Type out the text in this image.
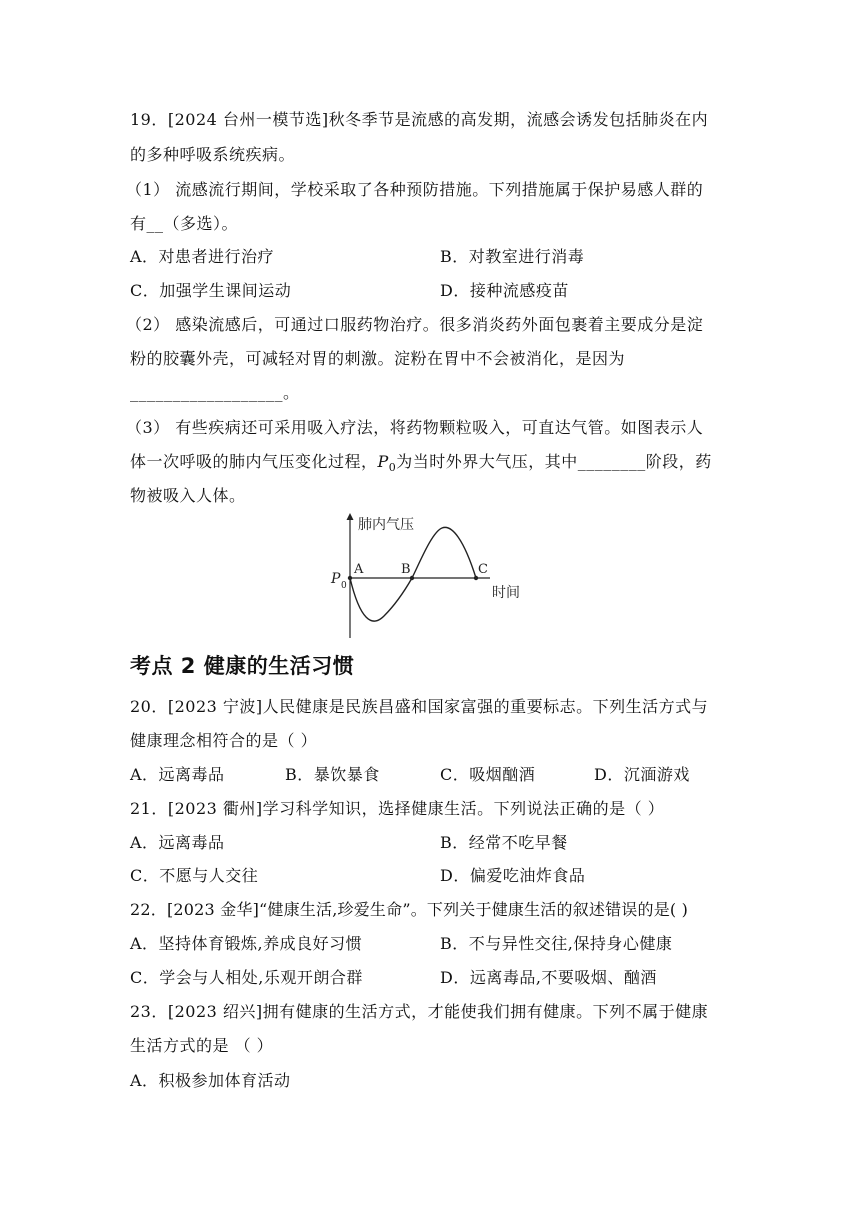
19．[2024 台州一模节选]秋冬季节是流感的高发期，流感会诱发包括肺炎在内
的多种呼吸系统疾病。
（1） 流感流行期间，学校采取了各种预防措施。下列措施属于保护易感人群的
有__（多选）。
A．对患者进行治疗	B．对教室进行消毒
C．加强学生课间运动	D．接种流感疫苗
（2） 感染流感后，可通过口服药物治疗。很多消炎药外面包裹着主要成分是淀
粉的胶囊外壳，可减轻对胃的刺激。淀粉在胃中不会被消化，是因为
__________________。
（3） 有些疾病还可采用吸入疗法，将药物颗粒吸入，可直达气管。如图表示人
体一次呼吸的肺内气压变化过程，$P_0$为当时外界大气压，其中________阶段，药
物被吸入人体。
肺内气压
时间
A	B	C
P 0
考点 2 健康的生活习惯
20．[2023 宁波]人民健康是民族昌盛和国家富强的重要标志。下列生活方式与
健康理念相符合的是（ ）
A．远离毒品	B．暴饮暴食	C．吸烟酗酒	D．沉湎游戏
21．[2023 衢州]学习科学知识，选择健康生活。下列说法正确的是（ ）
A．远离毒品	B．经常不吃早餐
C．不愿与人交往	D．偏爱吃油炸食品
22．[2023 金华]“健康生活,珍爱生命”。下列关于健康生活的叙述错误的是( )
A．坚持体育锻炼,养成良好习惯	B．不与异性交往,保持身心健康
C．学会与人相处,乐观开朗合群	D．远离毒品,不要吸烟、酗酒
23．[2023 绍兴]拥有健康的生活方式，才能使我们拥有健康。下列不属于健康
生活方式的是 （ ）
A．积极参加体育活动
